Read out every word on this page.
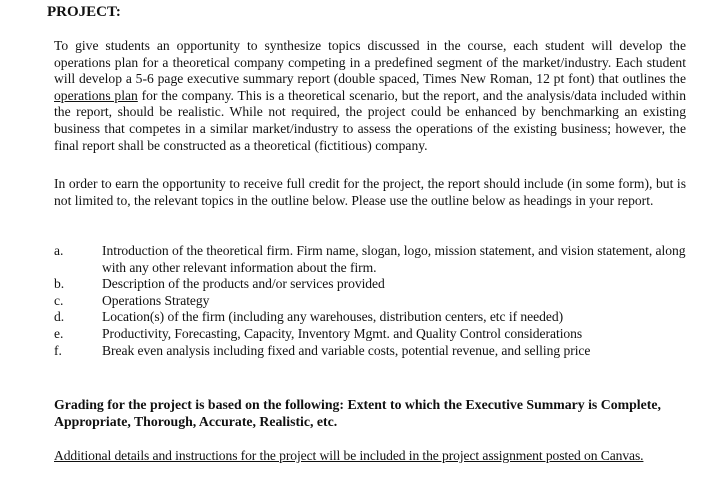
PROJECT:

To give students an opportunity to synthesize topics discussed in the course, each student will develop the operations plan for a theoretical company competing in a predefined segment of the market/industry. Each student will develop a 5-6 page executive summary report (double spaced, Times New Roman, 12 pt font) that outlines the operations plan for the company. This is a theoretical scenario, but the report, and the analysis/data included within the report, should be realistic. While not required, the project could be enhanced by benchmarking an existing business that competes in a similar market/industry to assess the operations of the existing business; however, the final report shall be constructed as a theoretical (fictitious) company.

In order to earn the opportunity to receive full credit for the project, the report should include (in some form), but is not limited to, the relevant topics in the outline below. Please use the outline below as headings in your report.

a.	Introduction of the theoretical firm. Firm name, slogan, logo, mission statement, and vision statement, along with any other relevant information about the firm.
b.	Description of the products and/or services provided
c.	Operations Strategy
d.	Location(s) of the firm (including any warehouses, distribution centers, etc if needed)
e.	Productivity, Forecasting, Capacity, Inventory Mgmt. and Quality Control considerations
f.	Break even analysis including fixed and variable costs, potential revenue, and selling price

Grading for the project is based on the following: Extent to which the Executive Summary is Complete, Appropriate, Thorough, Accurate, Realistic, etc.

Additional details and instructions for the project will be included in the project assignment posted on Canvas.
